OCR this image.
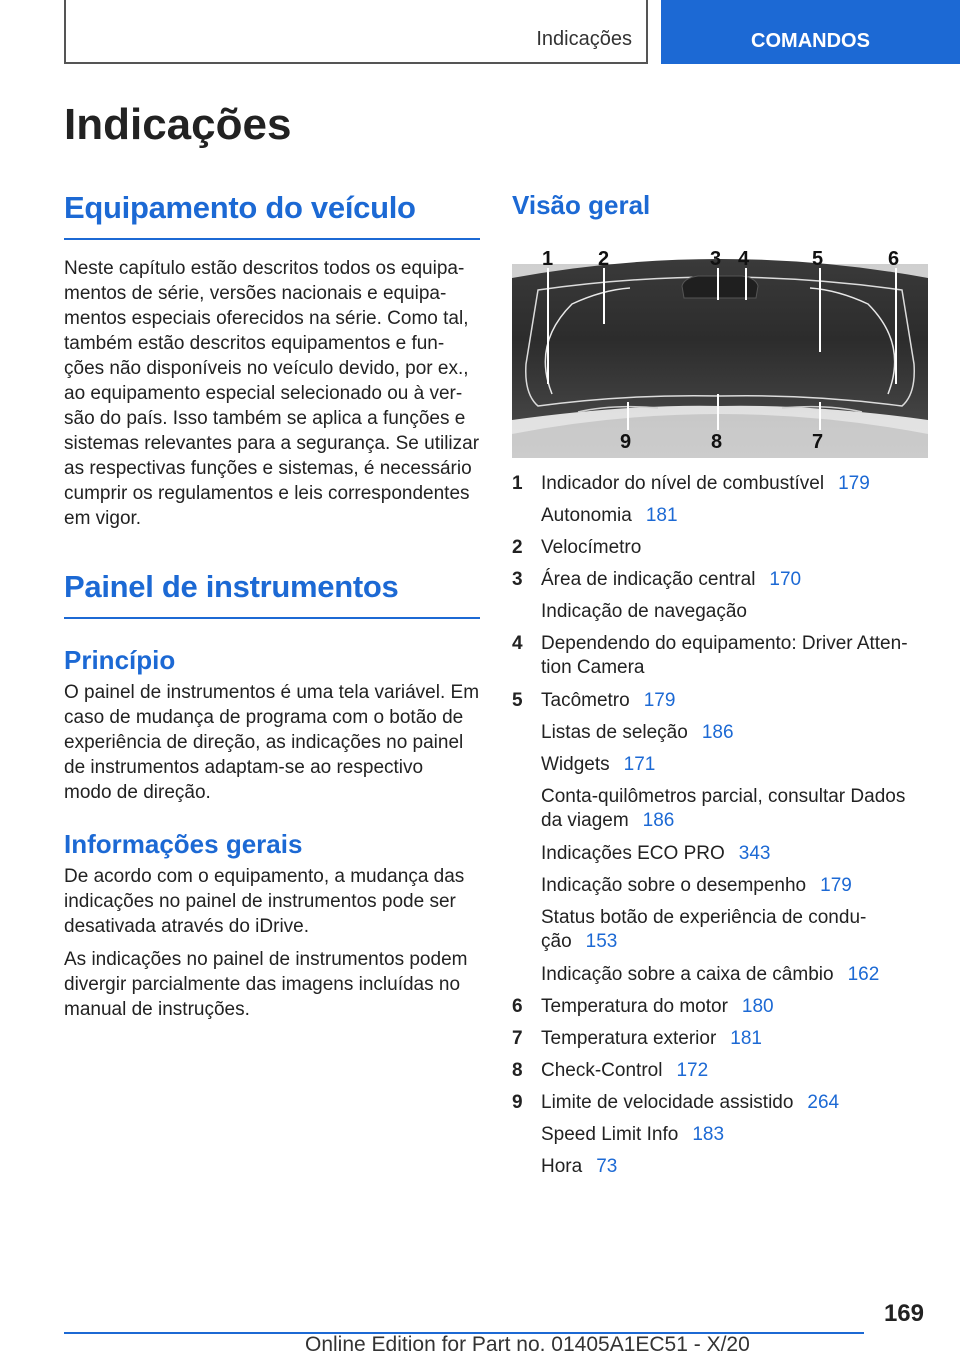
Indicações	COMANDOS
Indicações
Equipamento do veículo

Neste capítulo estão descritos todos os equipa-
mentos de série, versões nacionais e equipa-
mentos especiais oferecidos na série. Como tal,
também estão descritos equipamentos e fun-
ções não disponíveis no veículo devido, por ex.,
ao equipamento especial selecionado ou à ver-
são do país. Isso também se aplica a funções e
sistemas relevantes para a segurança. Se utilizar
as respectivas funções e sistemas, é necessário
cumprir os regulamentos e leis correspondentes
em vigor.

Painel de instrumentos
Princípio

O painel de instrumentos é uma tela variável. Em
caso de mudança de programa com o botão de
experiência de direção, as indicações no painel
de instrumentos adaptam-se ao respectivo
modo de direção.

Informações gerais

De acordo com o equipamento, a mudança das
indicações no painel de instrumentos pode ser
desativada através do iDrive.

As indicações no painel de instrumentos podem
divergir parcialmente das imagens incluídas no
manual de instruções.

Visão geral
1 2	3 4	5	6
9	8	7
1 Indicador do nível de combustível 179
Autonomia 181
2 Velocímetro
3 Área de indicação central 170
Indicação de navegação
4 Dependendo do equipamento: Driver Atten-
tion Camera
5 Tacômetro 179
Listas de seleção 186
Widgets 171
Conta-quilômetros parcial, consultar Dados
da viagem 186
Indicações ECO PRO 343
Indicação sobre o desempenho 179
Status botão de experiência de condu-
ção 153
Indicação sobre a caixa de câmbio 162
6 Temperatura do motor 180
7 Temperatura exterior 181
8 Check-Control 172
9 Limite de velocidade assistido 264
Speed Limit Info 183
Hora 73
169
Online Edition for Part no. 01405A1EC51 - X/20
